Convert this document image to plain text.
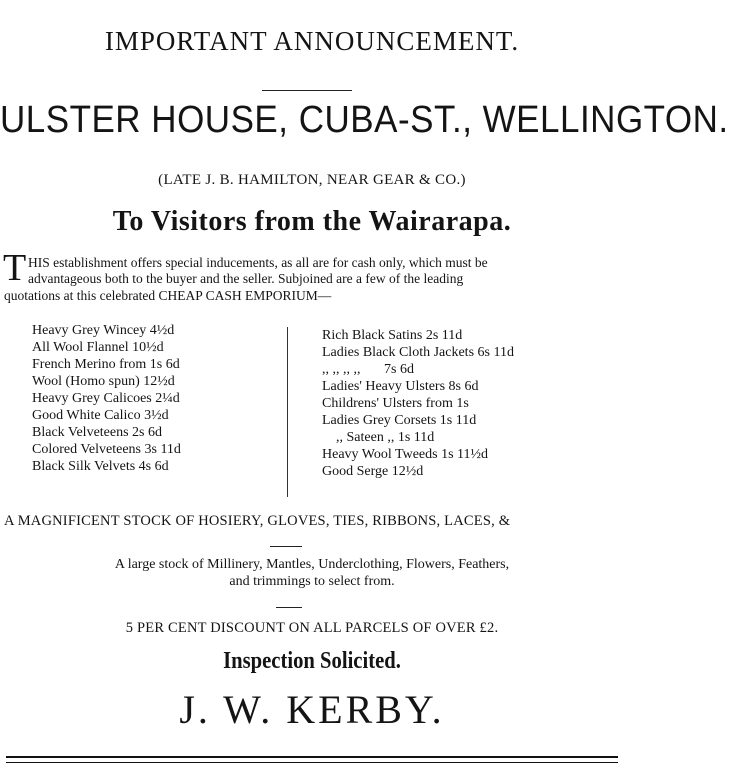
IMPORTANT ANNOUNCEMENT.
ULSTER HOUSE, CUBA-ST., WELLINGTON.
(LATE J. B. HAMILTON, NEAR GEAR & CO.)
To Visitors from the Wairarapa.
T HIS establishment offers special inducements, as all are for cash only, which must be
advantageous both to the buyer and the seller. Subjoined are a few of the leading
quotations at this celebrated CHEAP CASH EMPORIUM—
Heavy Grey Wincey 4½d
All Wool Flannel 10½d
French Merino from 1s 6d
Wool (Homo spun) 12½d
Heavy Grey Calicoes 2¼d
Good White Calico 3½d
Black Velveteens 2s 6d
Colored Velveteens 3s 11d
Black Silk Velvets 4s 6d
Rich Black Satins 2s 11d
Ladies Black Cloth Jackets 6s 11d
,, ,, ,, ,, 7s 6d
Ladies' Heavy Ulsters 8s 6d
Childrens' Ulsters from 1s
Ladies Grey Corsets 1s 11d
,, Sateen ,, 1s 11d
Heavy Wool Tweeds 1s 11½d
Good Serge 12½d
A MAGNIFICENT STOCK OF HOSIERY, GLOVES, TIES, RIBBONS, LACES, &
A large stock of Millinery, Mantles, Underclothing, Flowers, Feathers,
and trimmings to select from.
5 PER CENT DISCOUNT ON ALL PARCELS OF OVER £2.
Inspection Solicited.
J. W. KERBY.
